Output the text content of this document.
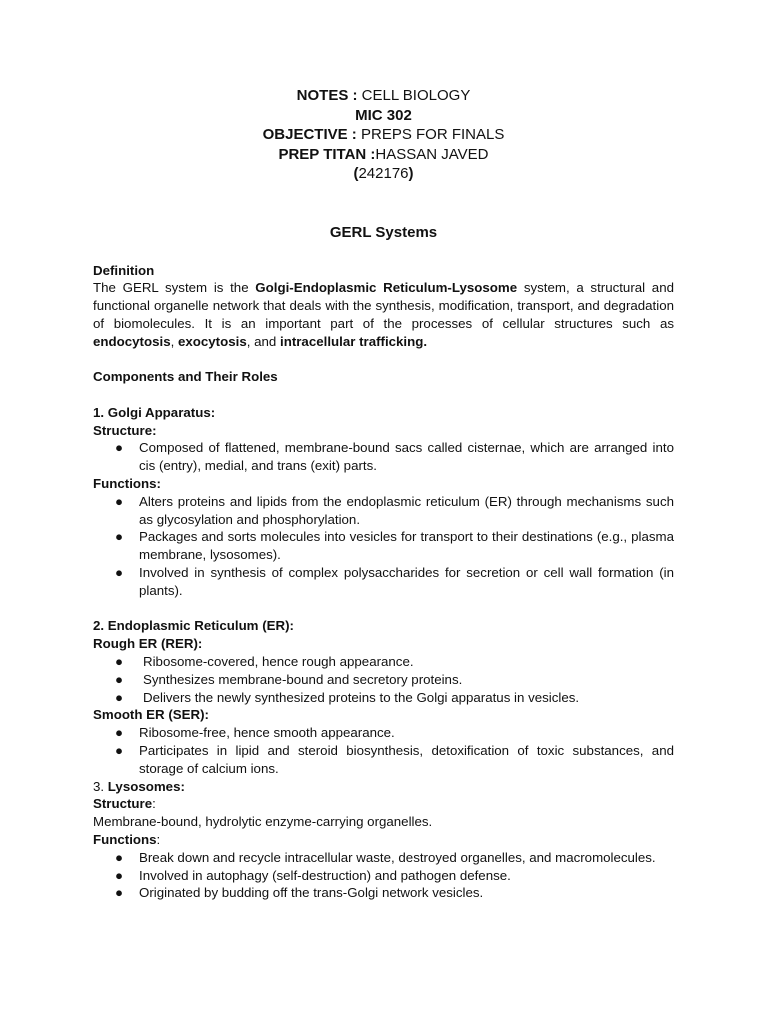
NOTES : CELL BIOLOGY
MIC 302
OBJECTIVE : PREPS FOR FINALS
PREP TITAN :HASSAN JAVED
(242176)
GERL Systems

Definition

The GERL system is the Golgi-Endoplasmic Reticulum-Lysosome system, a structural and functional organelle network that deals with the synthesis, modification, transport, and degradation of biomolecules. It is an important part of the processes of cellular structures such as endocytosis, exocytosis, and intracellular trafficking.

Components and Their Roles

1. Golgi Apparatus:

Structure:

● Composed of flattened, membrane-bound sacs called cisternae, which are arranged into cis (entry), medial, and trans (exit) parts.

Functions:

● Alters proteins and lipids from the endoplasmic reticulum (ER) through mechanisms such as glycosylation and phosphorylation.
● Packages and sorts molecules into vesicles for transport to their destinations (e.g., plasma membrane, lysosomes).
● Involved in synthesis of complex polysaccharides for secretion or cell wall formation (in plants).

2. Endoplasmic Reticulum (ER):

Rough ER (RER):

● Ribosome-covered, hence rough appearance.
● Synthesizes membrane-bound and secretory proteins.
● Delivers the newly synthesized proteins to the Golgi apparatus in vesicles.

Smooth ER (SER):

● Ribosome-free, hence smooth appearance.
● Participates in lipid and steroid biosynthesis, detoxification of toxic substances, and storage of calcium ions.

3. Lysosomes:

Structure:

Membrane-bound, hydrolytic enzyme-carrying organelles.

Functions:

● Break down and recycle intracellular waste, destroyed organelles, and macromolecules.
● Involved in autophagy (self-destruction) and pathogen defense.
● Originated by budding off the trans-Golgi network vesicles.
